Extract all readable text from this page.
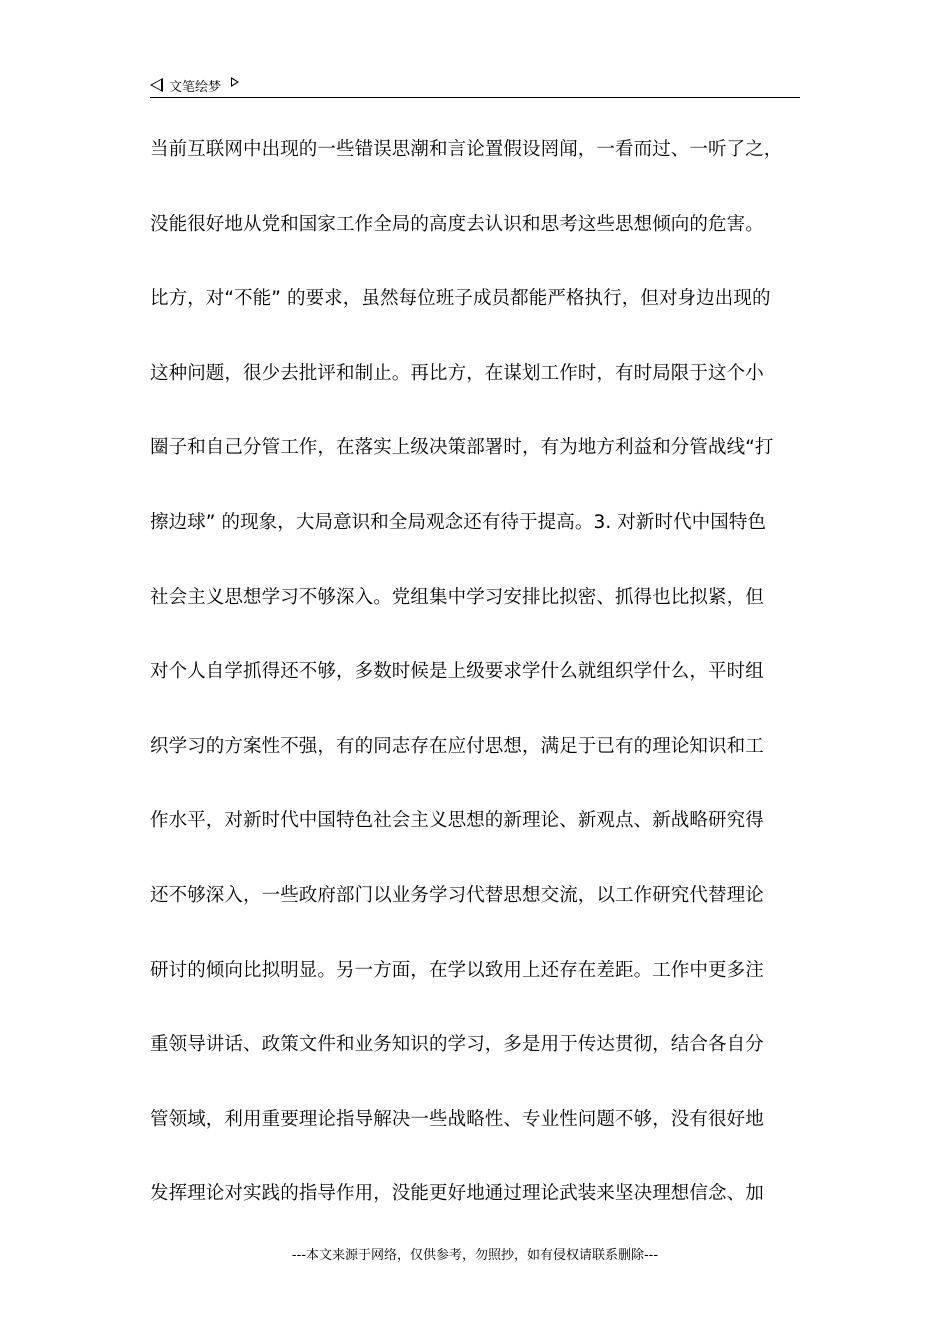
文笔绘梦
当前互联网中出现的一些错误思潮和言论置假设罔闻，一看而过、一听了之，
没能很好地从党和国家工作全局的高度去认识和思考这些思想倾向的危害。
比方，对“不能” 的要求，虽然每位班子成员都能严格执行，但对身边出现的
这种问题，很少去批评和制止。再比方，在谋划工作时，有时局限于这个小
圈子和自己分管工作，在落实上级决策部署时，有为地方利益和分管战线“打
擦边球” 的现象，大局意识和全局观念还有待于提高。3. 对新时代中国特色
社会主义思想学习不够深入。党组集中学习安排比拟密、抓得也比拟紧，但
对个人自学抓得还不够，多数时候是上级要求学什么就组织学什么，平时组
织学习的方案性不强，有的同志存在应付思想，满足于已有的理论知识和工
作水平，对新时代中国特色社会主义思想的新理论、新观点、新战略研究得
还不够深入，一些政府部门以业务学习代替思想交流，以工作研究代替理论
研讨的倾向比拟明显。另一方面，在学以致用上还存在差距。工作中更多注
重领导讲话、政策文件和业务知识的学习，多是用于传达贯彻，结合各自分
管领域，利用重要理论指导解决一些战略性、专业性问题不够，没有很好地
发挥理论对实践的指导作用，没能更好地通过理论武装来坚决理想信念、加
---本文来源于网络，仅供参考，勿照抄，如有侵权请联系删除---
